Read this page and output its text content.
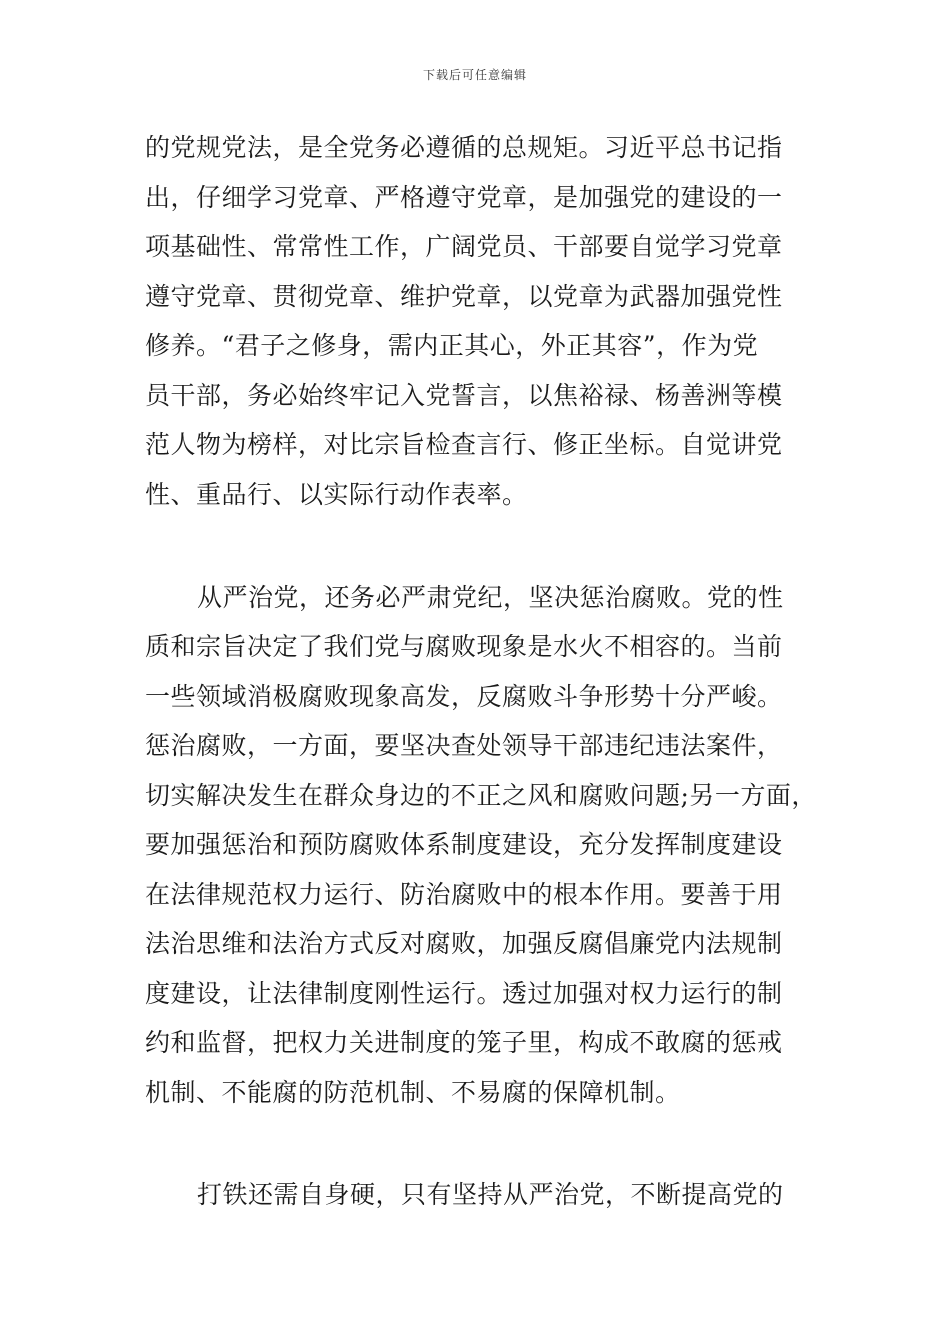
下载后可任意编辑
的党规党法，是全党务必遵循的总规矩。习近平总书记指
出，仔细学习党章、严格遵守党章，是加强党的建设的一
项基础性、常常性工作，广阔党员、干部要自觉学习党章
遵守党章、贯彻党章、维护党章，以党章为武器加强党性
修养。“君子之修身，需内正其心，外正其容”，作为党
员干部，务必始终牢记入党誓言，以焦裕禄、杨善洲等模
范人物为榜样，对比宗旨检查言行、修正坐标。自觉讲党
性、重品行、以实际行动作表率。
从严治党，还务必严肃党纪，坚决惩治腐败。党的性
质和宗旨决定了我们党与腐败现象是水火不相容的。当前
一些领域消极腐败现象高发，反腐败斗争形势十分严峻。
惩治腐败，一方面，要坚决查处领导干部违纪违法案件，
切实解决发生在群众身边的不正之风和腐败问题;另一方面，
要加强惩治和预防腐败体系制度建设，充分发挥制度建设
在法律规范权力运行、防治腐败中的根本作用。要善于用
法治思维和法治方式反对腐败，加强反腐倡廉党内法规制
度建设，让法律制度刚性运行。透过加强对权力运行的制
约和监督，把权力关进制度的笼子里，构成不敢腐的惩戒
机制、不能腐的防范机制、不易腐的保障机制。
打铁还需自身硬，只有坚持从严治党，不断提高党的
